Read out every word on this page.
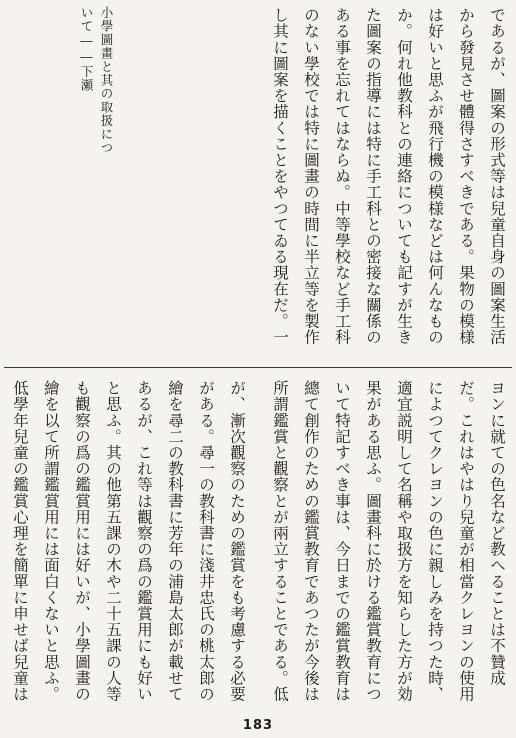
小學圖畫と其の取扱について――下瀬	であるが、圖案の形式等は兒童自身の圖案生活から發見させ體得さすべきである。果物の模様は好いと思ふが飛行機の模様などは何んなものか。何れ他教科との連絡についても記すが生きた圖案の指導には特に手工科との密接な關係のある事を忘れてはならぬ。中等學校など手工科のない學校では特に圖畫の時間に半立等を製作し其に圖案を描くことをやつてゐる現在だ。一
ヨンに就ての色名など教へることは不贊成だ。これはやはり兒童が相當クレヨンの使用によつてクレヨンの色に親しみを持つた時、適宜説明して名稱や取扱方を知らした方が効果がある思ふ。圖畫科に於ける鑑賞教育について特記すべき事は、今日までの鑑賞教育は總て創作のための鑑賞教育であつたが今後は所謂鑑賞と觀察とが兩立することである。低
が、漸次觀察のための鑑賞をも考慮する必要がある。尋一の教科書に淺井忠氏の桃太郎の繪を尋二の教科書に芳年の浦島太郎が載せてあるが、これ等は觀察の爲の鑑賞用にも好いと思ふ。其の他第五課の木や二十五課の人等も觀察の爲の鑑賞用には好いが、小學圖畫の繪を以て所謂鑑賞用には面白くないと思ふ。低學年兒童の鑑賞心理を簡單に申せば兒童は
183
